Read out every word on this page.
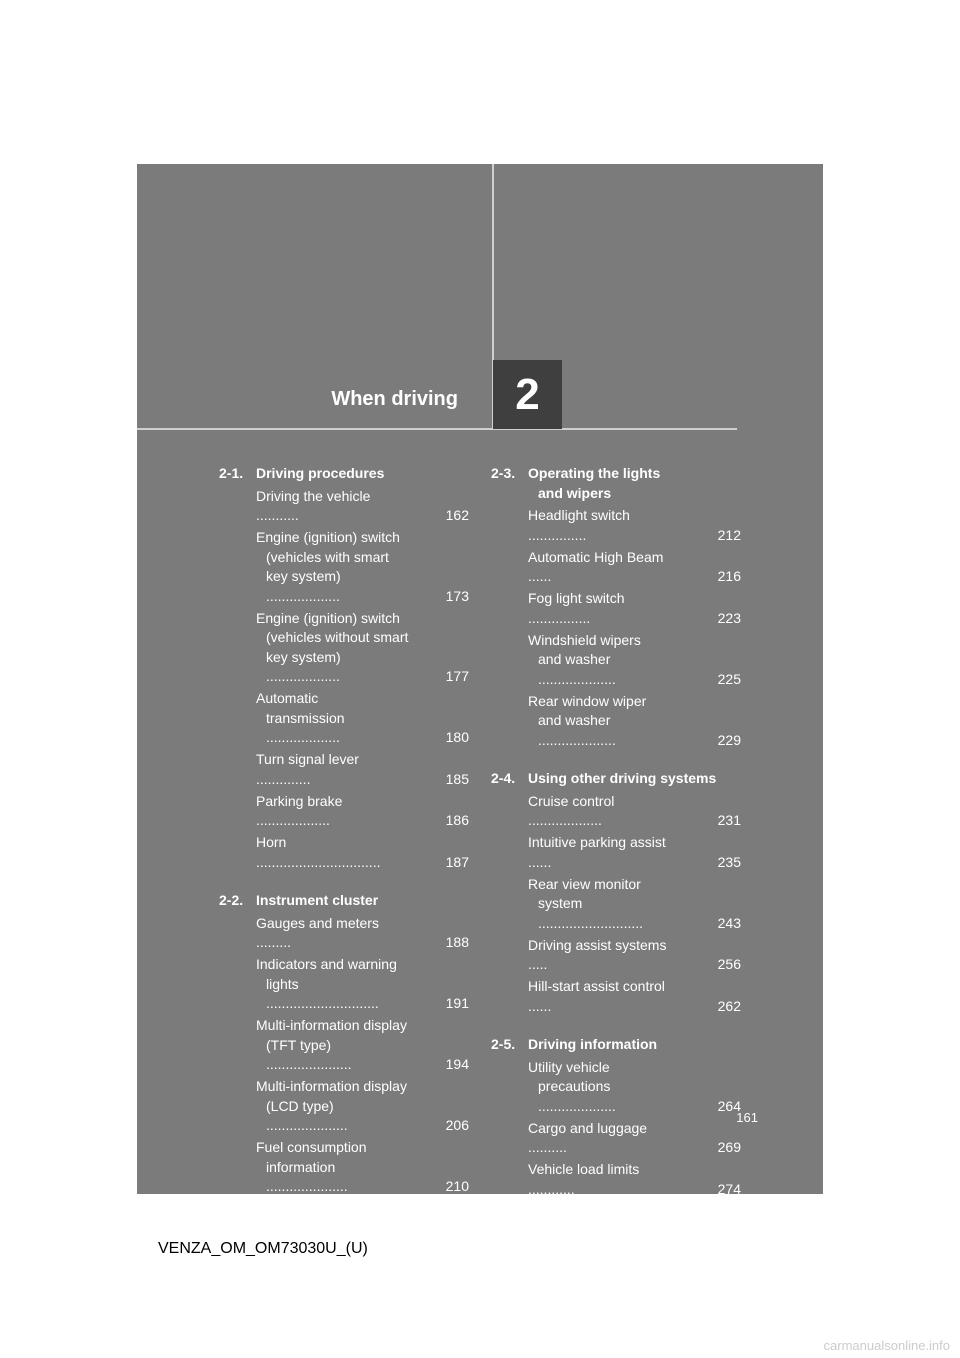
When driving 2
2-1. Driving procedures
Driving the vehicle
...........	162
Engine (ignition) switch
(vehicles with smart
key system)
...................	173
Engine (ignition) switch
(vehicles without smart
key system)
...................	177
Automatic
transmission
...................	180
Turn signal lever
..............	185
Parking brake
...................	186
Horn
................................	187
2-2. Instrument cluster
Gauges and meters
.........	188
Indicators and warning
lights
.............................	191
Multi-information display
(TFT type)
......................	194
Multi-information display
(LCD type)
.....................	206
Fuel consumption
information
.....................	210
2-3. Operating the lights
and wipers
Headlight switch
...............	212
Automatic High Beam
......	216
Fog light switch
................	223
Windshield wipers
and washer
....................	225
Rear window wiper
and washer
....................	229
2-4. Using other driving systems
Cruise control
...................	231
Intuitive parking assist
......	235
Rear view monitor
system
...........................	243
Driving assist systems
.....	256
Hill-start assist control
......	262
2-5. Driving information
Utility vehicle
precautions
....................	264
Cargo and luggage
..........	269
Vehicle load limits
............	274
Winter driving tips
............	276
Trailer towing
...................	281
Dinghy towing
..................	302
161
VENZA_OM_OM73030U_(U)
carmanualsonline.info
